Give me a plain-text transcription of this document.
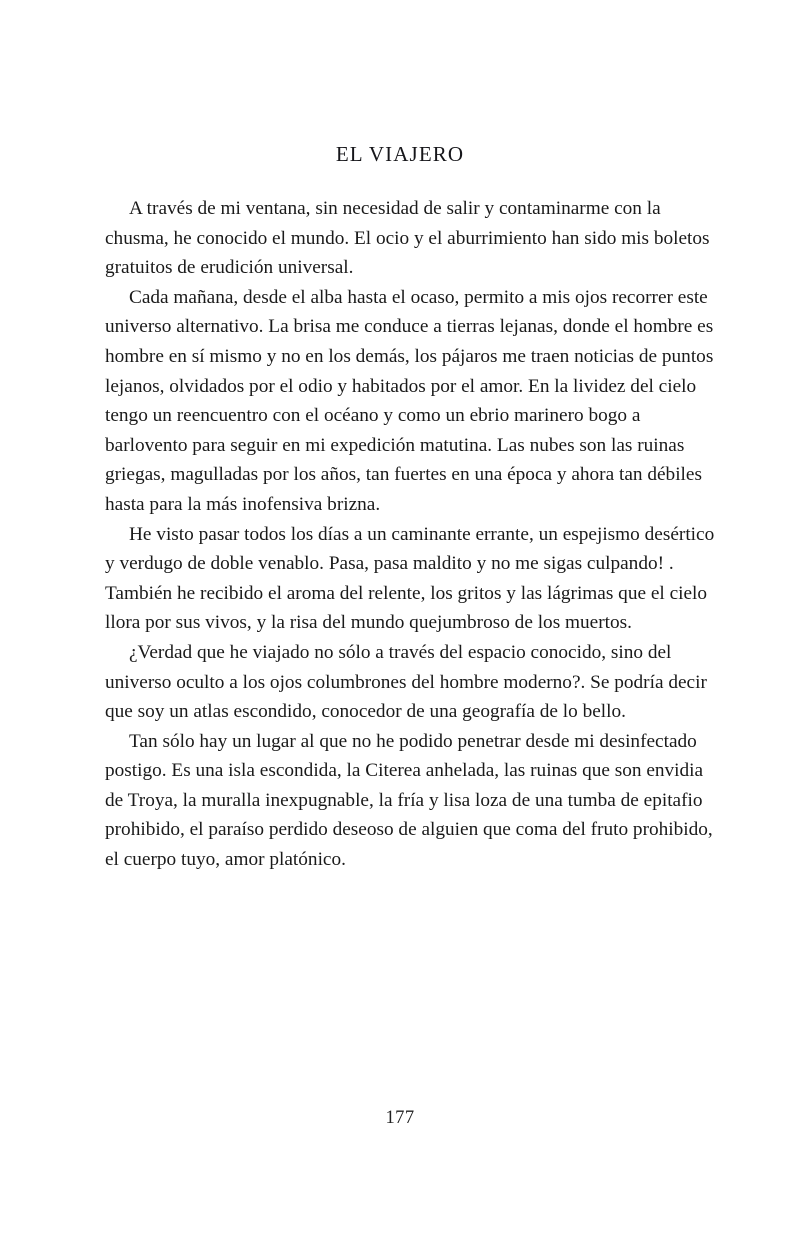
EL VIAJERO

A través de mi ventana, sin necesidad de salir y contaminarme con la chusma, he conocido el mundo. El ocio y el aburrimiento han sido mis boletos gratuitos de erudición universal.

Cada mañana, desde el alba hasta el ocaso, permito a mis ojos recorrer este universo alternativo. La brisa me conduce a tierras lejanas, donde el hombre es hombre en sí mismo y no en los demás, los pájaros me traen noticias de puntos lejanos, olvidados por el odio y habitados por el amor. En la lividez del cielo tengo un reencuentro con el océano y como un ebrio marinero bogo a barlovento para seguir en mi expedición matutina. Las nubes son las ruinas griegas, magulladas por los años, tan fuertes en una época y ahora tan débiles hasta para la más inofensiva brizna.

He visto pasar todos los días a un caminante errante, un espejismo desértico y verdugo de doble venablo. Pasa, pasa maldito y no me sigas culpando! . También he recibido el aroma del relente, los gritos y las lágrimas que el cielo llora por sus vivos, y la risa del mundo quejumbroso de los muertos.

¿Verdad que he viajado no sólo a través del espacio conocido, sino del universo oculto a los ojos columbrones del hombre moderno?. Se podría decir que soy un atlas escondido, conocedor de una geografía de lo bello.

Tan sólo hay un lugar al que no he podido penetrar desde mi desinfectado postigo. Es una isla escondida, la Citerea anhelada, las ruinas que son envidia de Troya, la muralla inexpugnable, la fría y lisa loza de una tumba de epitafio prohibido, el paraíso perdido deseoso de alguien que coma del fruto prohibido, el cuerpo tuyo, amor platónico.

177
